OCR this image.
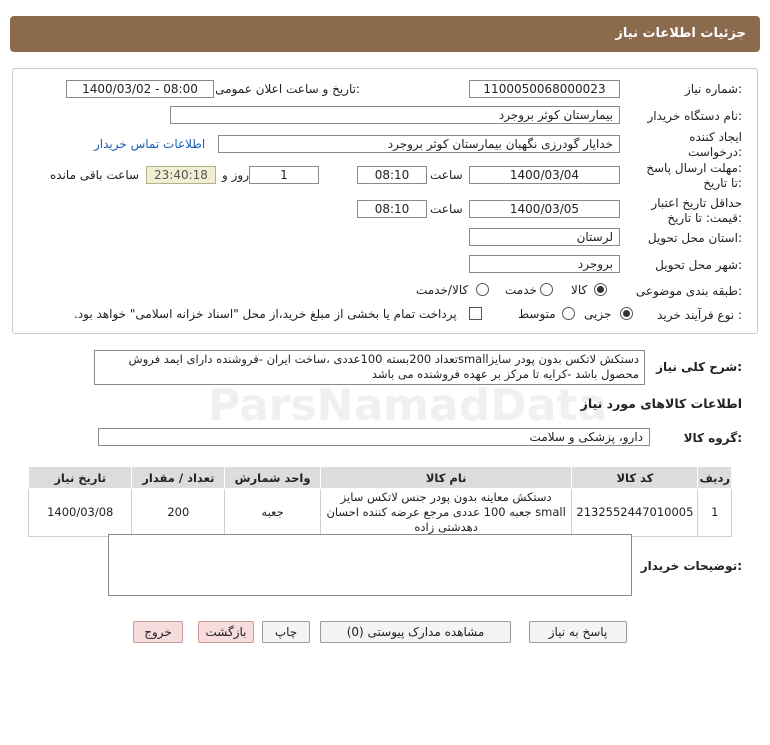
جزئیات اطلاعات نیاز
ParsNamadData
شماره نیاز:
1100050068000023
تاریخ و ساعت اعلان عمومی:
1400/03/02 - 08:00
نام دستگاه خریدار:
بیمارستان کوثر بروجرد
ایجاد کننده
درخواست:
خدایار گودرزی نگهبان بیمارستان کوثر بروجرد
اطلاعات تماس خریدار
مهلت ارسال پاسخ:
تا تاریخ:
1400/03/04
ساعت
08:10
1
روز و
23:40:18
ساعت باقی مانده
حداقل تاریخ اعتبار
قیمت: تا تاریخ:
1400/03/05
ساعت
08:10
استان محل تحویل:
لرستان
شهر محل تحویل:
بروجرد
طبقه بندی موضوعی:
کالا
خدمت
کالا/خدمت
نوع فرآیند خرید :
جزیی
متوسط
پرداخت تمام یا بخشی از مبلغ خرید،از محل "اسناد خزانه اسلامی" خواهد بود.
شرح کلی نیاز:
دستکش لاتکس بدون پودر سایزsmallتعداد 200بسته 100عددی ،ساخت ایران -فروشنده دارای ایمد فروش محصول باشد -کرایه تا مرکز بر عهده فروشنده می باشد
اطلاعات کالاهای مورد نیاز
گروه کالا:
دارو، پزشکی و سلامت
ردیف	کد کالا	نام کالا	واحد شمارش	تعداد / مقدار	تاریخ نیاز
1	2132552447010005	دستکش معاینه بدون پودر جنس لاتکس سایز small جعبه 100 عددی مرجع عرضه کننده احسان دهدشتی زاده	جعبه	200	1400/03/08
توضیحات خریدار:
پاسخ به نیاز
مشاهده مدارک پیوستی (0)
چاپ
بازگشت
خروج
